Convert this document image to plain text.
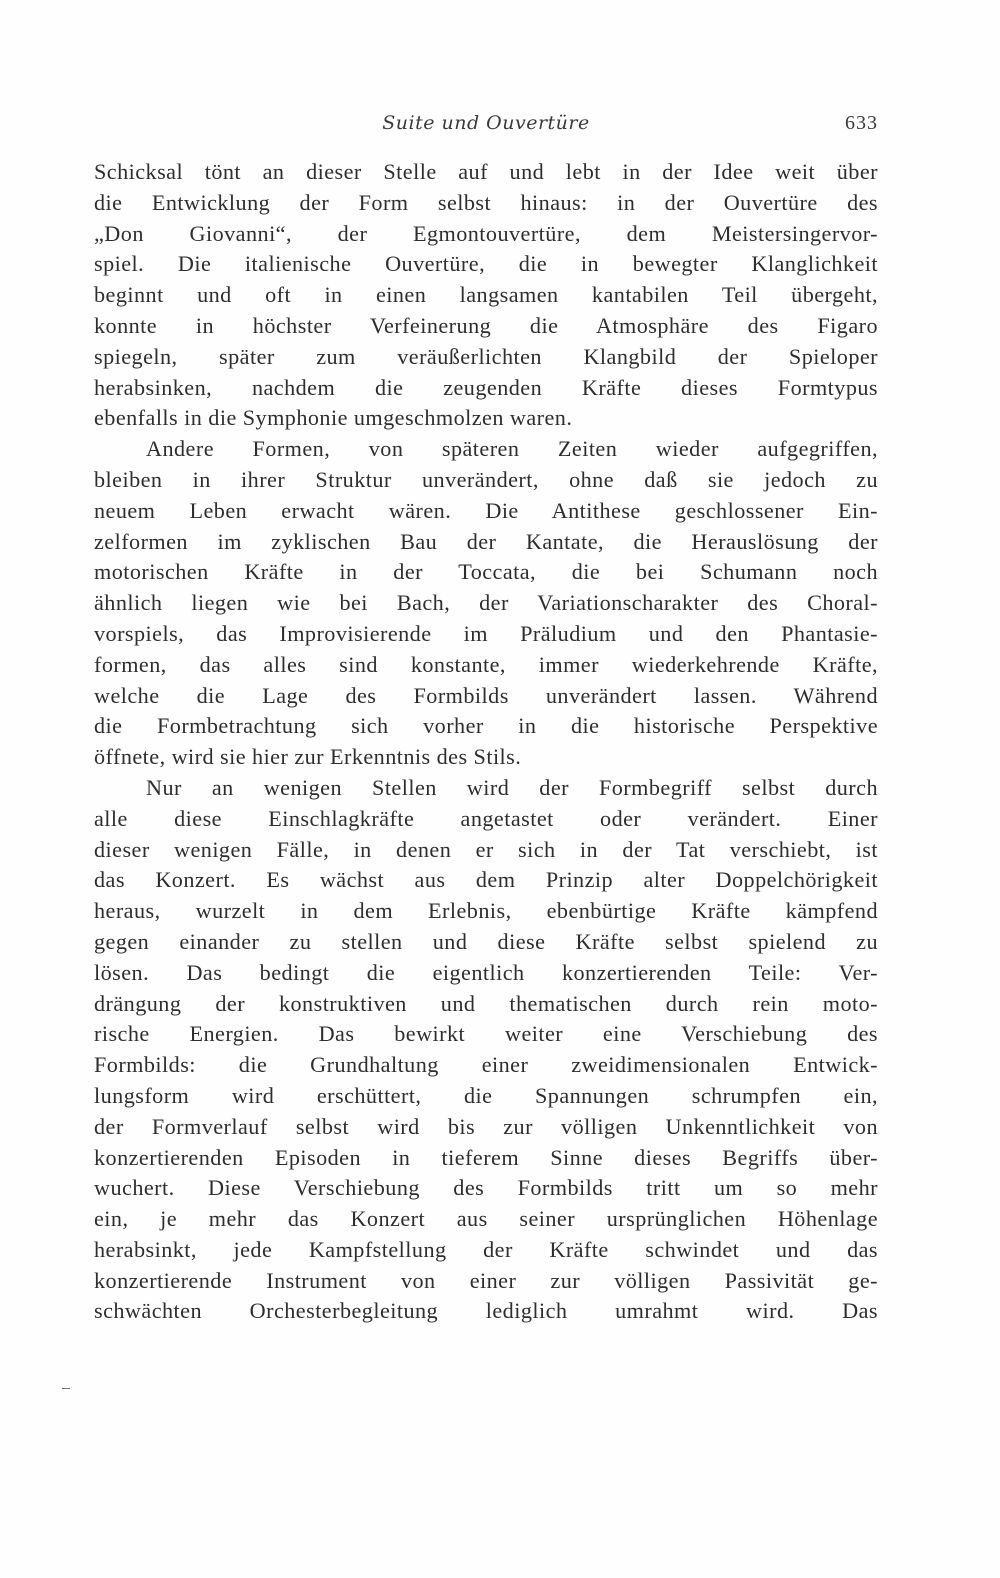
Suite und Ouvertüre	633

Schicksal tönt an dieser Stelle auf und lebt in der Idee weit über
die Entwicklung der Form selbst hinaus: in der Ouvertüre des
„Don Giovanni“, der Egmontouvertüre, dem Meistersingervor-
spiel. Die italienische Ouvertüre, die in bewegter Klanglichkeit
beginnt und oft in einen langsamen kantabilen Teil übergeht,
konnte in höchster Verfeinerung die Atmosphäre des Figaro
spiegeln, später zum veräußerlichten Klangbild der Spieloper
herabsinken, nachdem die zeugenden Kräfte dieses Formtypus
ebenfalls in die Symphonie umgeschmolzen waren.

Andere Formen, von späteren Zeiten wieder aufgegriffen,
bleiben in ihrer Struktur unverändert, ohne daß sie jedoch zu
neuem Leben erwacht wären. Die Antithese geschlossener Ein-
zelformen im zyklischen Bau der Kantate, die Herauslösung der
motorischen Kräfte in der Toccata, die bei Schumann noch
ähnlich liegen wie bei Bach, der Variationscharakter des Choral-
vorspiels, das Improvisierende im Präludium und den Phantasie-
formen, das alles sind konstante, immer wiederkehrende Kräfte,
welche die Lage des Formbilds unverändert lassen. Während
die Formbetrachtung sich vorher in die historische Perspektive
öffnete, wird sie hier zur Erkenntnis des Stils.

Nur an wenigen Stellen wird der Formbegriff selbst durch
alle diese Einschlagkräfte angetastet oder verändert. Einer
dieser wenigen Fälle, in denen er sich in der Tat verschiebt, ist
das Konzert. Es wächst aus dem Prinzip alter Doppelchörigkeit
heraus, wurzelt in dem Erlebnis, ebenbürtige Kräfte kämpfend
gegen einander zu stellen und diese Kräfte selbst spielend zu
lösen. Das bedingt die eigentlich konzertierenden Teile: Ver-
drängung der konstruktiven und thematischen durch rein moto-
rische Energien. Das bewirkt weiter eine Verschiebung des
Formbilds: die Grundhaltung einer zweidimensionalen Entwick-
lungsform wird erschüttert, die Spannungen schrumpfen ein,
der Formverlauf selbst wird bis zur völligen Unkenntlichkeit von
konzertierenden Episoden in tieferem Sinne dieses Begriffs über-
wuchert. Diese Verschiebung des Formbilds tritt um so mehr
ein, je mehr das Konzert aus seiner ursprünglichen Höhenlage
herabsinkt, jede Kampfstellung der Kräfte schwindet und das
konzertierende Instrument von einer zur völligen Passivität ge-
schwächten Orchesterbegleitung lediglich umrahmt wird. Das
